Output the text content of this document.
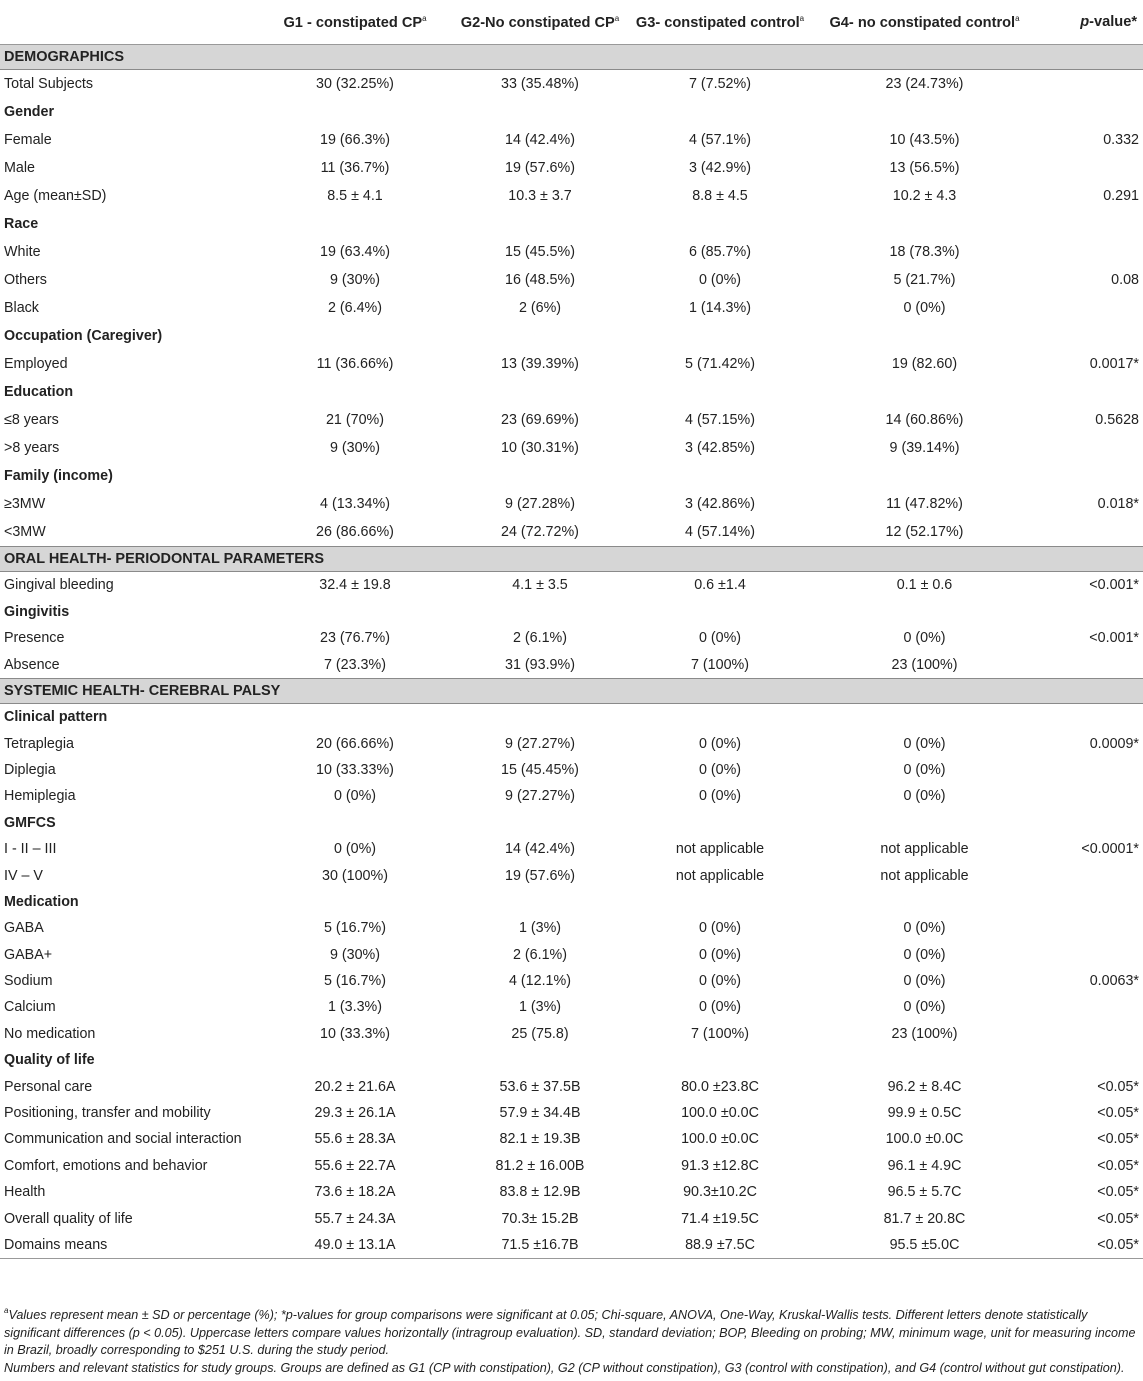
	G1 - constipated $CP^a$	G2-No constipated $CP^a$	G3- constipated control$^a$	G4- no constipated control$^a$	p-value*
DEMOGRAPHICS					
Total Subjects	30 (32.25%)	33 (35.48%)	7 (7.52%)	23 (24.73%)	
Gender					
Female	19 (66.3%)	14 (42.4%)	4 (57.1%)	10 (43.5%)	0.332
Male	11 (36.7%)	19 (57.6%)	3 (42.9%)	13 (56.5%)	
Age (mean±SD)	8.5 ± 4.1	10.3 ± 3.7	8.8 ± 4.5	10.2 ± 4.3	0.291
Race					
White	19 (63.4%)	15 (45.5%)	6 (85.7%)	18 (78.3%)	
Others	9 (30%)	16 (48.5%)	0 (0%)	5 (21.7%)	0.08
Black	2 (6.4%)	2 (6%)	1 (14.3%)	0 (0%)	
Occupation (Caregiver)					
Employed	11 (36.66%)	13 (39.39%)	5 (71.42%)	19 (82.60)	0.0017*
Education					
≤8 years	21 (70%)	23 (69.69%)	4 (57.15%)	14 (60.86%)	0.5628
>8 years	9 (30%)	10 (30.31%)	3 (42.85%)	9 (39.14%)	
Family (income)					
≥3MW	4 (13.34%)	9 (27.28%)	3 (42.86%)	11 (47.82%)	0.018*
<3MW	26 (86.66%)	24 (72.72%)	4 (57.14%)	12 (52.17%)	
ORAL HEALTH- PERIODONTAL PARAMETERS					
Gingival bleeding	32.4 ± 19.8	4.1 ± 3.5	0.6 ±1.4	0.1 ± 0.6	<0.001*
Gingivitis					
Presence	23 (76.7%)	2 (6.1%)	0 (0%)	0 (0%)	<0.001*
Absence	7 (23.3%)	31 (93.9%)	7 (100%)	23 (100%)	
SYSTEMIC HEALTH- CEREBRAL PALSY					
Clinical pattern					
Tetraplegia	20 (66.66%)	9 (27.27%)	0 (0%)	0 (0%)	0.0009*
Diplegia	10 (33.33%)	15 (45.45%)	0 (0%)	0 (0%)	
Hemiplegia	0 (0%)	9 (27.27%)	0 (0%)	0 (0%)	
GMFCS					
I - II – III	0 (0%)	14 (42.4%)	not applicable	not applicable	<0.0001*
IV – V	30 (100%)	19 (57.6%)	not applicable	not applicable	
Medication					
GABA	5 (16.7%)	1 (3%)	0 (0%)	0 (0%)	
GABA+	9 (30%)	2 (6.1%)	0 (0%)	0 (0%)	
Sodium	5 (16.7%)	4 (12.1%)	0 (0%)	0 (0%)	0.0063*
Calcium	1 (3.3%)	1 (3%)	0 (0%)	0 (0%)	
No medication	10 (33.3%)	25 (75.8)	7 (100%)	23 (100%)	
Quality of life					
Personal care	20.2 ± 21.6A	53.6 ± 37.5B	80.0 ±23.8C	96.2 ± 8.4C	<0.05*
Positioning, transfer and mobility	29.3 ± 26.1A	57.9 ± 34.4B	100.0 ±0.0C	99.9 ± 0.5C	<0.05*
Communication and social interaction	55.6 ± 28.3A	82.1 ± 19.3B	100.0 ±0.0C	100.0 ±0.0C	<0.05*
Comfort, emotions and behavior	55.6 ± 22.7A	81.2 ± 16.00B	91.3 ±12.8C	96.1 ± 4.9C	<0.05*
Health	73.6 ± 18.2A	83.8 ± 12.9B	90.3±10.2C	96.5 ± 5.7C	<0.05*
Overall quality of life	55.7 ± 24.3A	70.3± 15.2B	71.4 ±19.5C	81.7 ± 20.8C	<0.05*
Domains means	49.0 ± 13.1A	71.5 ±16.7B	88.9 ±7.5C	95.5 ±5.0C	<0.05*

$^a$Values represent mean ± SD or percentage (%); *p-values for group comparisons were significant at 0.05; Chi-square, ANOVA, One-Way, Kruskal-Wallis tests. Different letters denote statistically significant differences (p < 0.05). Uppercase letters compare values horizontally (intragroup evaluation). SD, standard deviation; BOP, Bleeding on probing; MW, minimum wage, unit for measuring income in Brazil, broadly corresponding to $251 U.S. during the study period.

Numbers and relevant statistics for study groups. Groups are defined as G1 (CP with constipation), G2 (CP without constipation), G3 (control with constipation), and G4 (control without gut constipation).
